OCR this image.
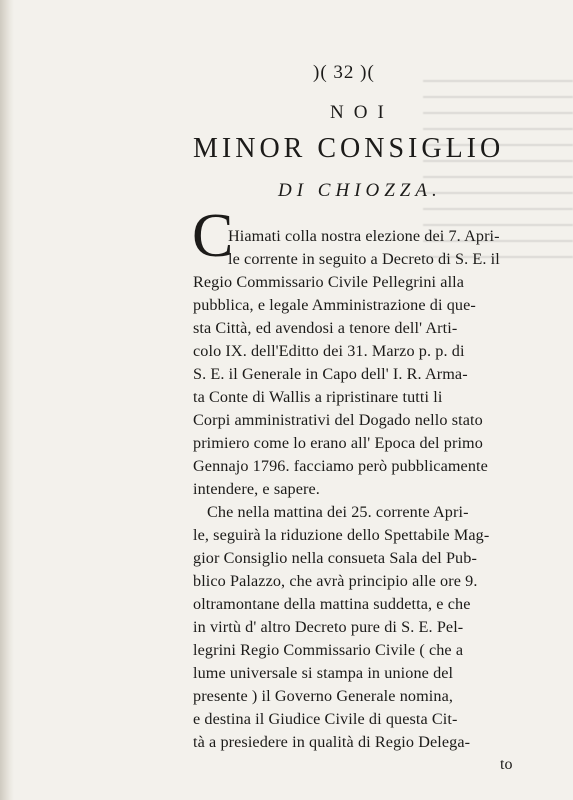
)( 32 )(
NOI
MINOR CONSIGLIO
DI CHIOZZA.
C
Hiamati colla nostra elezione dei 7. Apri-
le corrente in seguito a Decreto di S. E. il
Regio Commissario Civile Pellegrini alla
pubblica, e legale Amministrazione di que-
sta Città, ed avendosi a tenore dell' Arti-
colo IX. dell'Editto dei 31. Marzo p. p. di
S. E. il Generale in Capo dell' I. R. Arma-
ta Conte di Wallis a ripristinare tutti li
Corpi amministrativi del Dogado nello stato
primiero come lo erano all' Epoca del primo
Gennajo 1796. facciamo però pubblicamente
intendere, e sapere.
Che nella mattina dei 25. corrente Apri-
le, seguirà la riduzione dello Spettabile Mag-
gior Consiglio nella consueta Sala del Pub-
blico Palazzo, che avrà principio alle ore 9.
oltramontane della mattina suddetta, e che
in virtù d' altro Decreto pure di S. E. Pel-
legrini Regio Commissario Civile ( che a
lume universale si stampa in unione del
presente ) il Governo Generale nomina,
e destina il Giudice Civile di questa Cit-
tà a presiedere in qualità di Regio Delega-
to
